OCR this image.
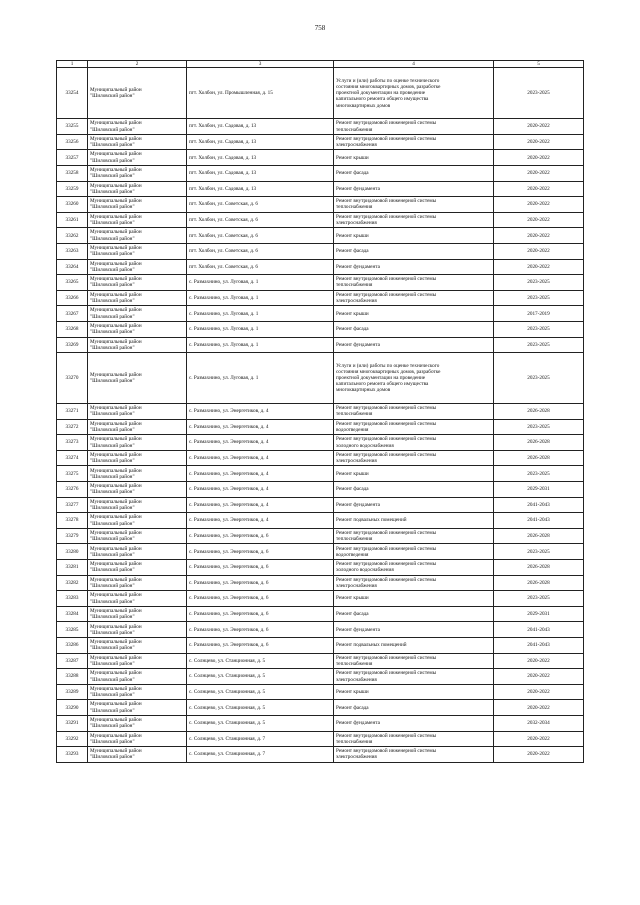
758
1	2	3	4	5
33254	Муниципальный район
"Шиловский район"	пгт. Холбон, ул. Промышленная, д. 15	Услуги и (или) работы по оценке технического
состояния многоквартирных домов, разработке
проектной документации на проведение
капитального ремонта общего имущества
многоквартирных домов	2023-2025
33255	Муниципальный район
"Шиловский район"	пгт. Холбон, ул. Садовая, д. 13	Ремонт внутридомовой инженерной системы
теплоснабжения	2020-2022
33256	Муниципальный район
"Шиловский район"	пгт. Холбон, ул. Садовая, д. 13	Ремонт внутридомовой инженерной системы
электроснабжения	2020-2022
33257	Муниципальный район
"Шиловский район"	пгт. Холбон, ул. Садовая, д. 13	Ремонт крыши	2020-2022
33258	Муниципальный район
"Шиловский район"	пгт. Холбон, ул. Садовая, д. 13	Ремонт фасада	2020-2022
33259	Муниципальный район
"Шиловский район"	пгт. Холбон, ул. Садовая, д. 13	Ремонт фундамента	2020-2022
33260	Муниципальный район
"Шиловский район"	пгт. Холбон, ул. Советская, д. 6	Ремонт внутридомовой инженерной системы
теплоснабжения	2020-2022
33261	Муниципальный район
"Шиловский район"	пгт. Холбон, ул. Советская, д. 6	Ремонт внутридомовой инженерной системы
электроснабжения	2020-2022
33262	Муниципальный район
"Шиловский район"	пгт. Холбон, ул. Советская, д. 6	Ремонт крыши	2020-2022
33263	Муниципальный район
"Шиловский район"	пгт. Холбон, ул. Советская, д. 6	Ремонт фасада	2020-2022
33264	Муниципальный район
"Шиловский район"	пгт. Холбон, ул. Советская, д. 6	Ремонт фундамента	2020-2022
33265	Муниципальный район
"Шиловский район"	с. Размахнино, ул. Луговая, д. 1	Ремонт внутридомовой инженерной системы
теплоснабжения	2023-2025
33266	Муниципальный район
"Шиловский район"	с. Размахнино, ул. Луговая, д. 1	Ремонт внутридомовой инженерной системы
электроснабжения	2023-2025
33267	Муниципальный район
"Шиловский район"	с. Размахнино, ул. Луговая, д. 1	Ремонт крыши	2017-2019
33268	Муниципальный район
"Шиловский район"	с. Размахнино, ул. Луговая, д. 1	Ремонт фасада	2023-2025
33269	Муниципальный район
"Шиловский район"	с. Размахнино, ул. Луговая, д. 1	Ремонт фундамента	2023-2025
33270	Муниципальный район
"Шиловский район"	с. Размахнино, ул. Луговая, д. 1	Услуги и (или) работы по оценке технического
состояния многоквартирных домов, разработке
проектной документации на проведение
капитального ремонта общего имущества
многоквартирных домов	2023-2025
33271	Муниципальный район
"Шиловский район"	с. Размахнино, ул. Энергетиков, д. 4	Ремонт внутридомовой инженерной системы
теплоснабжения	2026-2028
33272	Муниципальный район
"Шиловский район"	с. Размахнино, ул. Энергетиков, д. 4	Ремонт внутридомовой инженерной системы
водоотведения	2023-2025
33273	Муниципальный район
"Шиловский район"	с. Размахнино, ул. Энергетиков, д. 4	Ремонт внутридомовой инженерной системы
холодного водоснабжения	2026-2028
33274	Муниципальный район
"Шиловский район"	с. Размахнино, ул. Энергетиков, д. 4	Ремонт внутридомовой инженерной системы
электроснабжения	2026-2028
33275	Муниципальный район
"Шиловский район"	с. Размахнино, ул. Энергетиков, д. 4	Ремонт крыши	2023-2025
33276	Муниципальный район
"Шиловский район"	с. Размахнино, ул. Энергетиков, д. 4	Ремонт фасада	2029-2031
33277	Муниципальный район
"Шиловский район"	с. Размахнино, ул. Энергетиков, д. 4	Ремонт фундамента	2041-2043
33278	Муниципальный район
"Шиловский район"	с. Размахнино, ул. Энергетиков, д. 4	Ремонт подвальных помещений	2041-2043
33279	Муниципальный район
"Шиловский район"	с. Размахнино, ул. Энергетиков, д. 6	Ремонт внутридомовой инженерной системы
теплоснабжения	2026-2028
33280	Муниципальный район
"Шиловский район"	с. Размахнино, ул. Энергетиков, д. 6	Ремонт внутридомовой инженерной системы
водоотведения	2023-2025
33281	Муниципальный район
"Шиловский район"	с. Размахнино, ул. Энергетиков, д. 6	Ремонт внутридомовой инженерной системы
холодного водоснабжения	2026-2028
33282	Муниципальный район
"Шиловский район"	с. Размахнино, ул. Энергетиков, д. 6	Ремонт внутридомовой инженерной системы
электроснабжения	2026-2028
33283	Муниципальный район
"Шиловский район"	с. Размахнино, ул. Энергетиков, д. 6	Ремонт крыши	2023-2025
33284	Муниципальный район
"Шиловский район"	с. Размахнино, ул. Энергетиков, д. 6	Ремонт фасада	2029-2031
33285	Муниципальный район
"Шиловский район"	с. Размахнино, ул. Энергетиков, д. 6	Ремонт фундамента	2041-2043
33286	Муниципальный район
"Шиловский район"	с. Размахнино, ул. Энергетиков, д. 6	Ремонт подвальных помещений	2041-2043
33287	Муниципальный район
"Шиловский район"	с. Солнцево, ул. Станционная, д. 5	Ремонт внутридомовой инженерной системы
теплоснабжения	2020-2022
33288	Муниципальный район
"Шиловский район"	с. Солнцево, ул. Станционная, д. 5	Ремонт внутридомовой инженерной системы
электроснабжения	2020-2022
33289	Муниципальный район
"Шиловский район"	с. Солнцево, ул. Станционная, д. 5	Ремонт крыши	2020-2022
33290	Муниципальный район
"Шиловский район"	с. Солнцево, ул. Станционная, д. 5	Ремонт фасада	2020-2022
33291	Муниципальный район
"Шиловский район"	с. Солнцево, ул. Станционная, д. 5	Ремонт фундамента	2032-2034
33292	Муниципальный район
"Шиловский район"	с. Солнцево, ул. Станционная, д. 7	Ремонт внутридомовой инженерной системы
теплоснабжения	2020-2022
33293	Муниципальный район
"Шиловский район"	с. Солнцево, ул. Станционная, д. 7	Ремонт внутридомовой инженерной системы
электроснабжения	2020-2022
